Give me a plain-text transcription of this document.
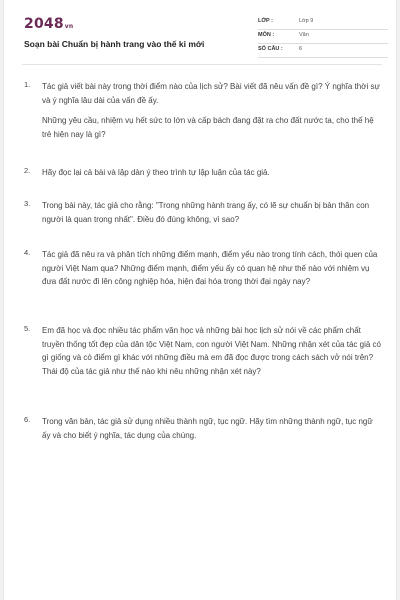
2048vn
Soạn bài Chuẩn bị hành trang vào thế kỉ mới
LỚP :	Lớp 9
MÔN :	Văn
SỐ CÂU :	6
1. Tác giả viết bài này trong thời điểm nào của lịch sử? Bài viết đã nêu vấn đề gì? Ý nghĩa thời sự và ý nghĩa lâu dài của vấn đề ấy.

Những yêu cầu, nhiệm vụ hết sức to lớn và cấp bách đang đặt ra cho đất nước ta, cho thế hệ trẻ hiện nay là gì?

2. Hãy đọc lại cả bài và lập dàn ý theo trình tự lập luận của tác giả.

3. Trong bài này, tác giả cho rằng: "Trong những hành trang ấy, có lẽ sự chuẩn bị bản thân con người là quan trọng nhất". Điều đó đúng không, vì sao?

4. Tác giả đã nêu ra và phân tích những điểm mạnh, điểm yếu nào trong tính cách, thói quen của người Việt Nam qua? Những điểm mạnh, điểm yếu ấy có quan hệ như thế nào với nhiệm vụ đưa đất nước đi lên công nghiệp hóa, hiện đại hóa trong thời đại ngày nay?

5. Em đã học và đọc nhiều tác phẩm văn học và những bài học lịch sử nói về các phẩm chất truyền thống tốt đẹp của dân tộc Việt Nam, con người Việt Nam. Những nhận xét của tác giả có gì giống và có điểm gì khác với những điều mà em đã đọc được trong cách sách vở nói trên? Thái độ của tác giả như thế nào khi nêu những nhận xét này?

6. Trong văn bản, tác giả sử dụng nhiều thành ngữ, tục ngữ. Hãy tìm những thành ngữ, tục ngữ ấy và cho biết ý nghĩa, tác dụng của chúng.
